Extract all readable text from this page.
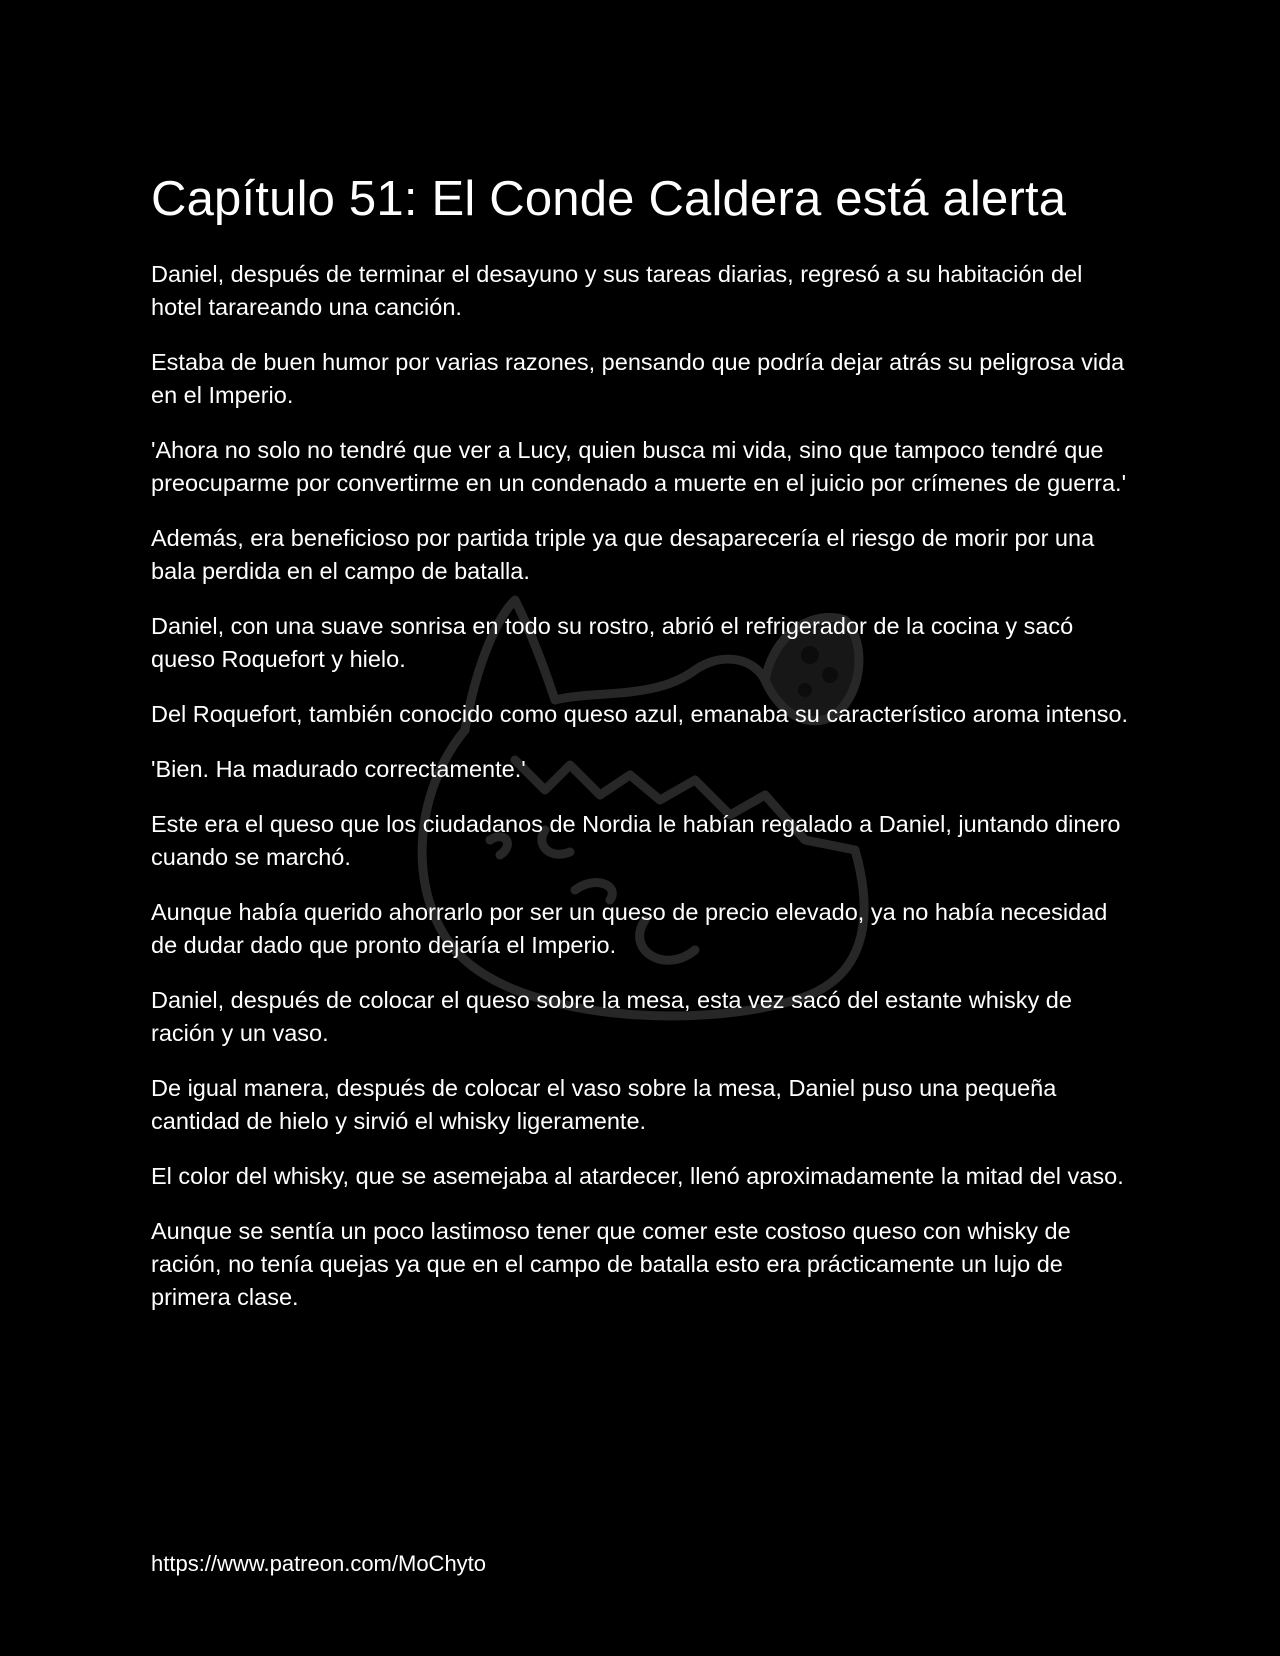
Capítulo 51: El Conde Caldera está alerta

Daniel, después de terminar el desayuno y sus tareas diarias, regresó a su habitación del hotel tarareando una canción.

Estaba de buen humor por varias razones, pensando que podría dejar atrás su peligrosa vida en el Imperio.

'Ahora no solo no tendré que ver a Lucy, quien busca mi vida, sino que tampoco tendré que preocuparme por convertirme en un condenado a muerte en el juicio por crímenes de guerra.'

Además, era beneficioso por partida triple ya que desaparecería el riesgo de morir por una bala perdida en el campo de batalla.

Daniel, con una suave sonrisa en todo su rostro, abrió el refrigerador de la cocina y sacó queso Roquefort y hielo.

Del Roquefort, también conocido como queso azul, emanaba su característico aroma intenso.

'Bien. Ha madurado correctamente.'

Este era el queso que los ciudadanos de Nordia le habían regalado a Daniel, juntando dinero cuando se marchó.

Aunque había querido ahorrarlo por ser un queso de precio elevado, ya no había necesidad de dudar dado que pronto dejaría el Imperio.

Daniel, después de colocar el queso sobre la mesa, esta vez sacó del estante whisky de ración y un vaso.

De igual manera, después de colocar el vaso sobre la mesa, Daniel puso una pequeña cantidad de hielo y sirvió el whisky ligeramente.

El color del whisky, que se asemejaba al atardecer, llenó aproximadamente la mitad del vaso.

Aunque se sentía un poco lastimoso tener que comer este costoso queso con whisky de ración, no tenía quejas ya que en el campo de batalla esto era prácticamente un lujo de primera clase.

https://www.patreon.com/MoChyto
